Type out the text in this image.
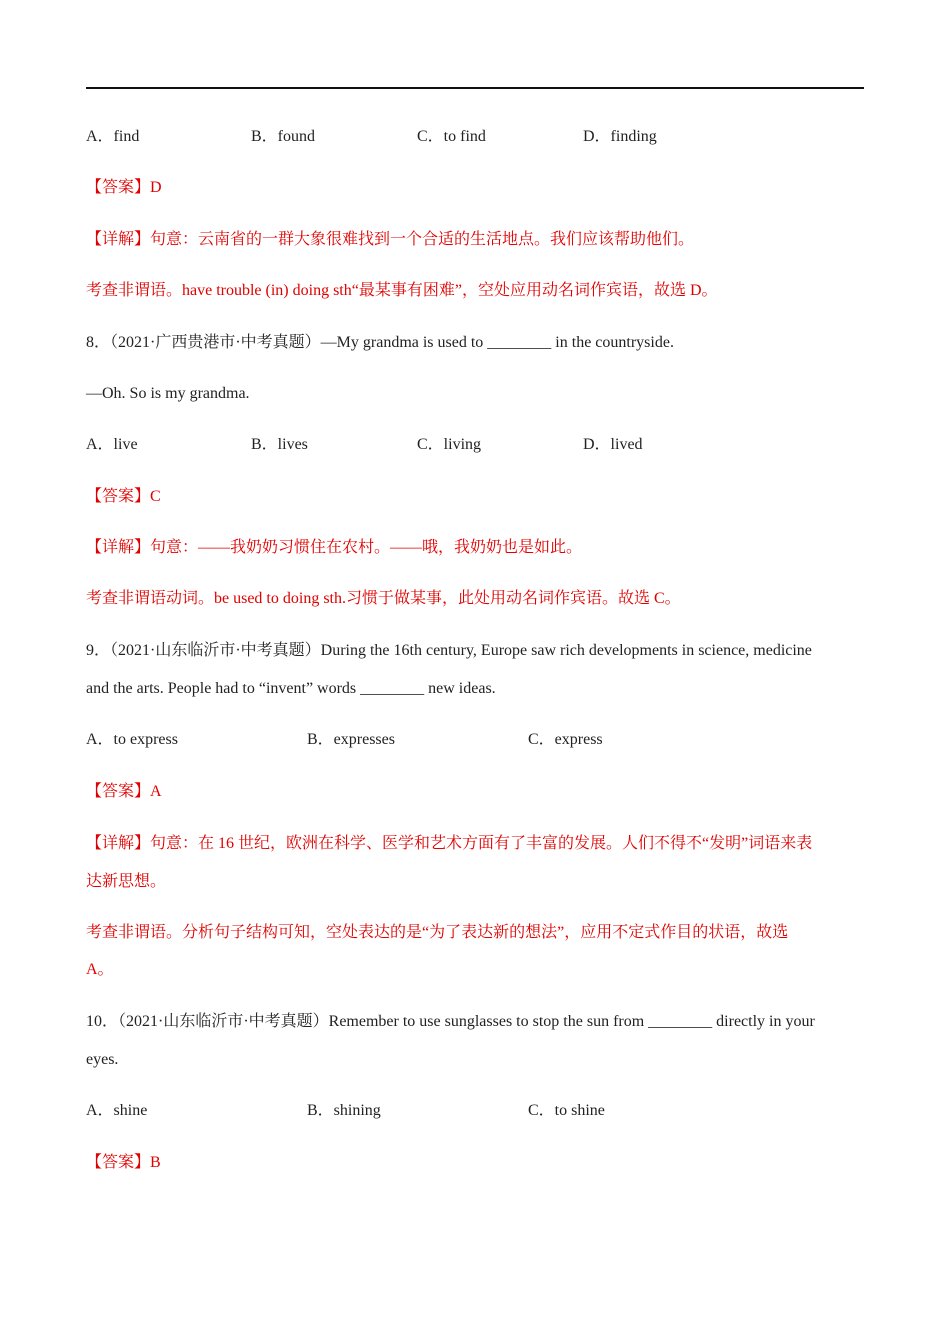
A．find	B．found	C．to find	D．finding
【答案】D
【详解】句意：云南省的一群大象很难找到一个合适的生活地点。我们应该帮助他们。
考查非谓语。have trouble (in) doing sth“最某事有困难”，空处应用动名词作宾语，故选 D。
8．（2021·广西贵港市·中考真题）—My grandma is used to ________ in the countryside.
—Oh. So is my grandma.
A．live	B．lives	C．living	D．lived
【答案】C
【详解】句意：——我奶奶习惯住在农村。——哦，我奶奶也是如此。
考查非谓语动词。be used to doing sth.习惯于做某事，此处用动名词作宾语。故选 C。
9．（2021·山东临沂市·中考真题）During the 16th century, Europe saw rich developments in science, medicine
and the arts. People had to “invent” words ________ new ideas.
A．to express	B．expresses	C．express
【答案】A
【详解】句意：在 16 世纪，欧洲在科学、医学和艺术方面有了丰富的发展。人们不得不“发明”词语来表
达新思想。
考查非谓语。分析句子结构可知，空处表达的是“为了表达新的想法”，应用不定式作目的状语，故选
A。
10．（2021·山东临沂市·中考真题）Remember to use sunglasses to stop the sun from ________ directly in your
eyes.
A．shine	B．shining	C．to shine
【答案】B
